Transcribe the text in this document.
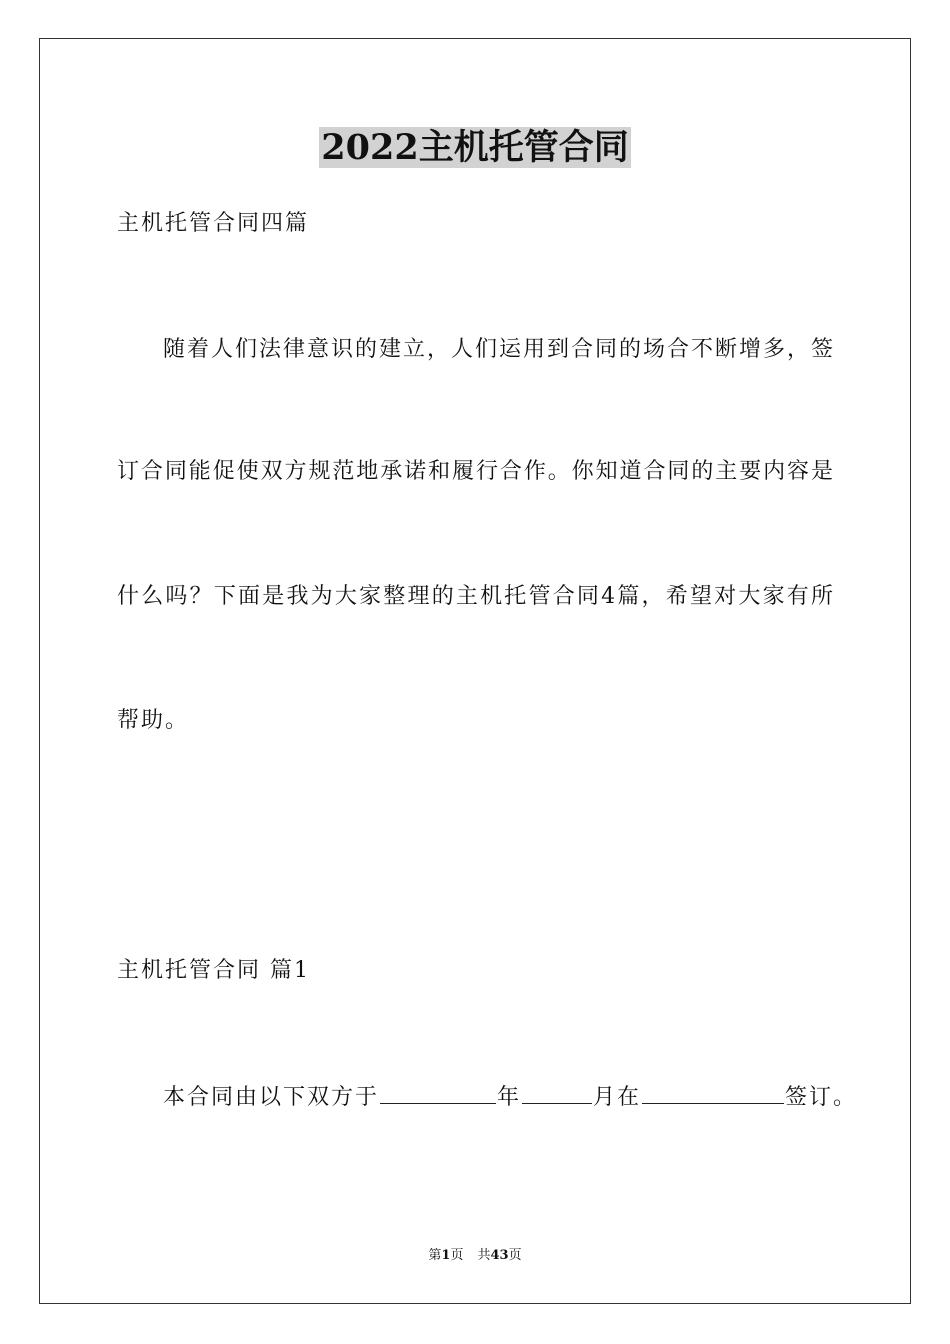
2022主机托管合同

主机托管合同四篇

随着人们法律意识的建立，人们运用到合同的场合不断增多，签

订合同能促使双方规范地承诺和履行合作。你知道合同的主要内容是

什么吗？下面是我为大家整理的主机托管合同4篇，希望对大家有所

帮助。

主机托管合同 篇1

本合同由以下双方于	年	月在	签订。

第1页 共43页
